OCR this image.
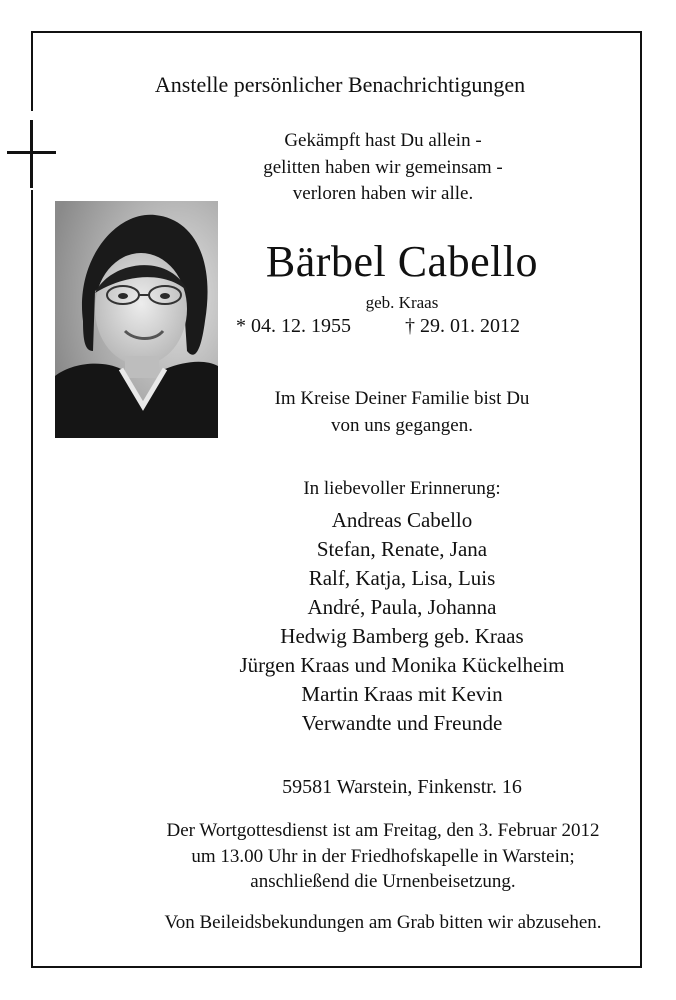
Anstelle persönlicher Benachrichtigungen
Gekämpft hast Du allein -
gelitten haben wir gemeinsam -
verloren haben wir alle.
Bärbel Cabello
geb. Kraas
* 04. 12. 1955	† 29. 01. 2012
Im Kreise Deiner Familie bist Du
von uns gegangen.
In liebevoller Erinnerung:
Andreas Cabello
Stefan, Renate, Jana
Ralf, Katja, Lisa, Luis
André, Paula, Johanna
Hedwig Bamberg geb. Kraas
Jürgen Kraas und Monika Kückelheim
Martin Kraas mit Kevin
Verwandte und Freunde
59581 Warstein, Finkenstr. 16
Der Wortgottesdienst ist am Freitag, den 3. Februar 2012
um 13.00 Uhr in der Friedhofskapelle in Warstein;
anschließend die Urnenbeisetzung.
Von Beileidsbekundungen am Grab bitten wir abzusehen.
